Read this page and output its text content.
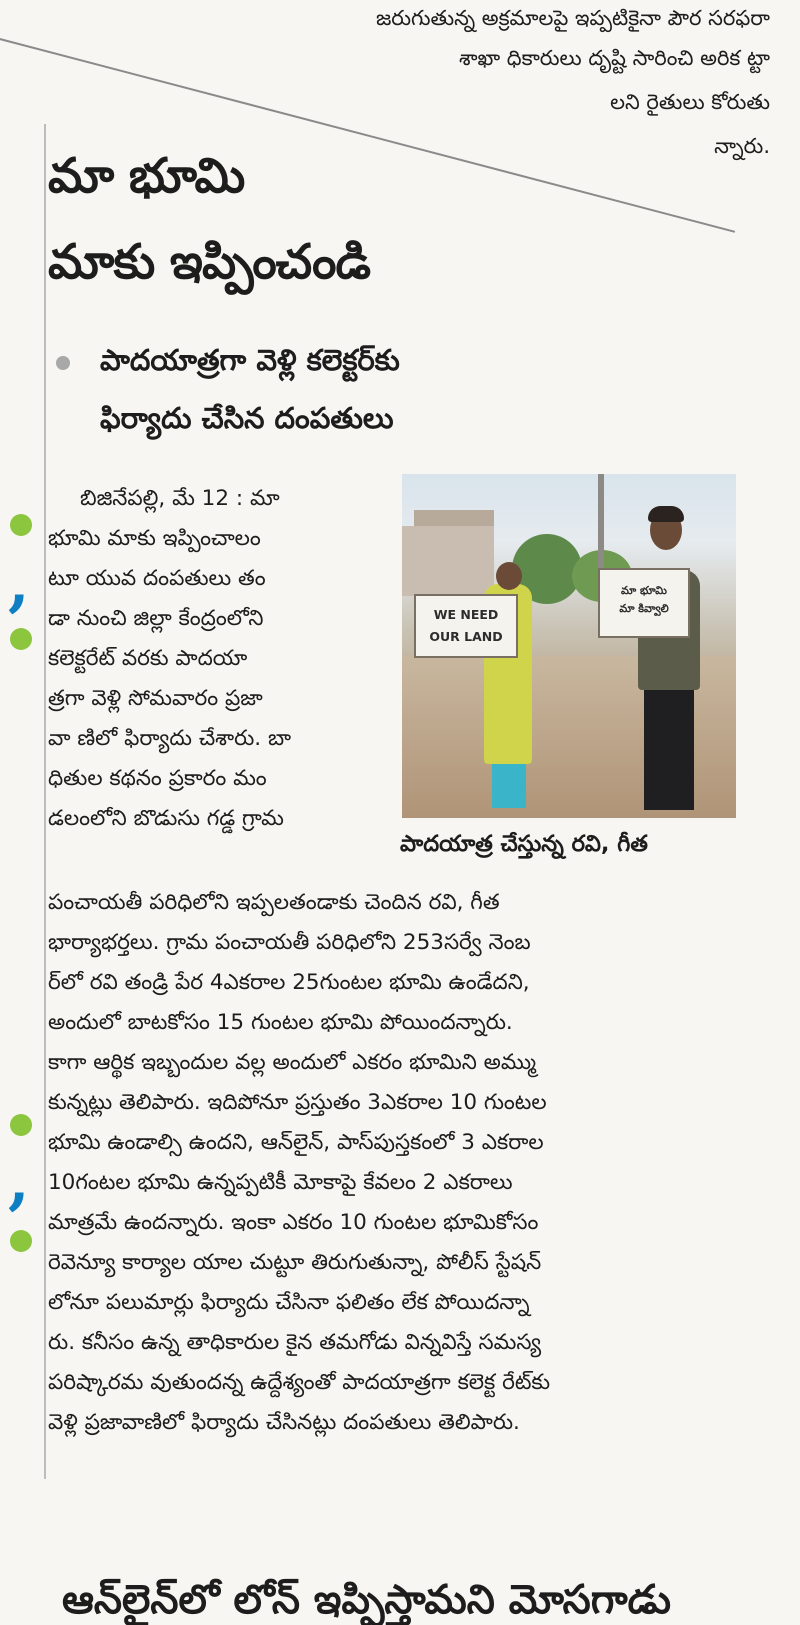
జరుగుతున్న అక్రమాలపై ఇప్పటికైనా పౌర సరఫరా
శాఖా ధికారులు దృష్టి సారించి అరిక ట్టా
లని రైతులు కోరుతు
న్నారు.
మా భూమి
మాకు ఇప్పించండి
పాదయాత్రగా వెళ్లి కలెక్టర్‌కు
ఫిర్యాదు చేసిన దంపతులు
,
,
బిజినేపల్లి, మే 12 : మా
భూమి మాకు ఇప్పించాలం
టూ యువ దంపతులు తం
డా నుంచి జిల్లా కేంద్రంలోని
కలెక్టరేట్ వరకు పాదయా
త్రగా వెళ్లి సోమవారం ప్రజా
వా ణిలో ఫిర్యాదు చేశారు. బా
ధితుల కథనం ప్రకారం మం
డలంలోని బొడుసు గడ్డ గ్రామ
WE NEED
OUR LAND
మా భూమి
మా కివ్వాలి
పాదయాత్ర చేస్తున్న రవి, గీత
పంచాయతీ పరిధిలోని ఇప్పలతండాకు చెందిన రవి, గీత
భార్యాభర్తలు. గ్రామ పంచాయతీ పరిధిలోని 253సర్వే నెంబ
ర్‌లో రవి తండ్రి పేర 4ఎకరాల 25గుంటల భూమి ఉండేదని,
అందులో బాటకోసం 15 గుంటల భూమి పోయిందన్నారు.
కాగా ఆర్థిక ఇబ్బందుల వల్ల అందులో ఎకరం భూమిని అమ్ము
కున్నట్లు తెలిపారు. ఇదిపోనూ ప్రస్తుతం 3ఎకరాల 10 గుంటల
భూమి ఉండాల్సి ఉందని, ఆన్‌లైన్, పాస్‌పుస్తకంలో 3 ఎకరాల
10గంటల భూమి ఉన్నప్పటికీ మోకాపై కేవలం 2 ఎకరాలు
మాత్రమే ఉందన్నారు. ఇంకా ఎకరం 10 గుంటల భూమికోసం
రెవెన్యూ కార్యాల యాల చుట్టూ తిరుగుతున్నా, పోలీస్ స్టేషన్
లోనూ పలుమార్లు ఫిర్యాదు చేసినా ఫలితం లేక పోయిదన్నా
రు. కనీసం ఉన్న తాధికారుల కైన తమగోడు విన్నవిస్తే సమస్య
పరిష్కారమ వుతుందన్న ఉద్దేశ్యంతో పాదయాత్రగా కలెక్ట రేట్‌కు
వెళ్లి ప్రజావాణిలో ఫిర్యాదు చేసినట్లు దంపతులు తెలిపారు.
ఆన్‌లైన్‌లో లోన్ ఇప్పిస్తామని మోసగాడు
